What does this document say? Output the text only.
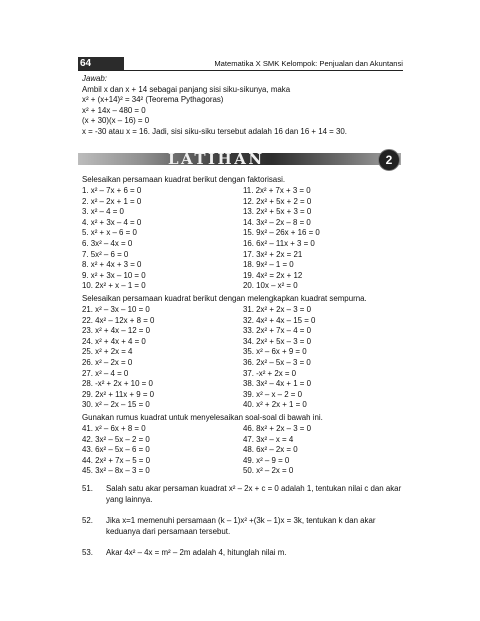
64	Matematika X SMK Kelompok: Penjualan dan Akuntansi
Jawab:
Ambil x dan x + 14 sebagai panjang sisi siku-sikunya, maka
x² + (x+14)² = 34² (Teorema Pythagoras)
x² + 14x – 480 = 0
(x + 30)(x – 16) = 0
x = -30 atau x = 16. Jadi, sisi siku-siku tersebut adalah 16 dan 16 + 14 = 30.
LATIHAN	2
Selesaikan persamaan kuadrat berikut dengan faktorisasi.
1. x² – 7x + 6 = 0
2. x² – 2x + 1 = 0
3. x² – 4 = 0
4. x² + 3x – 4 = 0
5. x² + x – 6 = 0
6. 3x² – 4x = 0
7. 5x² – 6 = 0
8. x² + 4x + 3 = 0
9. x² + 3x – 10 = 0
10. 2x² + x – 1 = 0
11. 2x² + 7x + 3 = 0
12. 2x² + 5x + 2 = 0
13. 2x² + 5x + 3 = 0
14. 3x² – 2x – 8 = 0
15. 9x² – 26x + 16 = 0
16. 6x² – 11x + 3 = 0
17. 3x² + 2x = 21
18. 9x² – 1 = 0
19. 4x² = 2x + 12
20. 10x – x² = 0
Selesaikan persamaan kuadrat berikut dengan melengkapkan kuadrat sempurna.
21. x² – 3x – 10 = 0
22. 4x² – 12x + 8 = 0
23. x² + 4x – 12 = 0
24. x² + 4x + 4 = 0
25. x² + 2x = 4
26. x² – 2x = 0
27. x² – 4 = 0
28. -x² + 2x + 10 = 0
29. 2x² + 11x + 9 = 0
30. x² – 2x – 15 = 0
31. 2x² + 2x – 3 = 0
32. 4x² + 4x – 15 = 0
33. 2x² + 7x – 4 = 0
34. 2x² + 5x – 3 = 0
35. x² – 6x + 9 = 0
36. 2x² – 5x – 3 = 0
37. -x² + 2x = 0
38. 3x² – 4x + 1 = 0
39. x² – x – 2 = 0
40. x² + 2x + 1 = 0
Gunakan rumus kuadrat untuk menyelesaikan soal-soal di bawah ini.
41. x² – 6x + 8 = 0
42. 3x² – 5x – 2 = 0
43. 6x² – 5x – 6 = 0
44. 2x² + 7x – 5 = 0
45. 3x² – 8x – 3 = 0
46. 8x² + 2x – 3 = 0
47. 3x² – x = 4
48. 6x² – 2x = 0
49. x² – 9 = 0
50. x² – 2x = 0
51. Salah satu akar persaman kuadrat x² – 2x + c = 0 adalah 1, tentukan nilai c dan akar yang lainnya.
52. Jika x=1 memenuhi persamaan (k – 1)x² +(3k – 1)x = 3k, tentukan k dan akar keduanya dari persamaan tersebut.
53. Akar 4x² – 4x = m² – 2m adalah 4, hitunglah nilai m.
